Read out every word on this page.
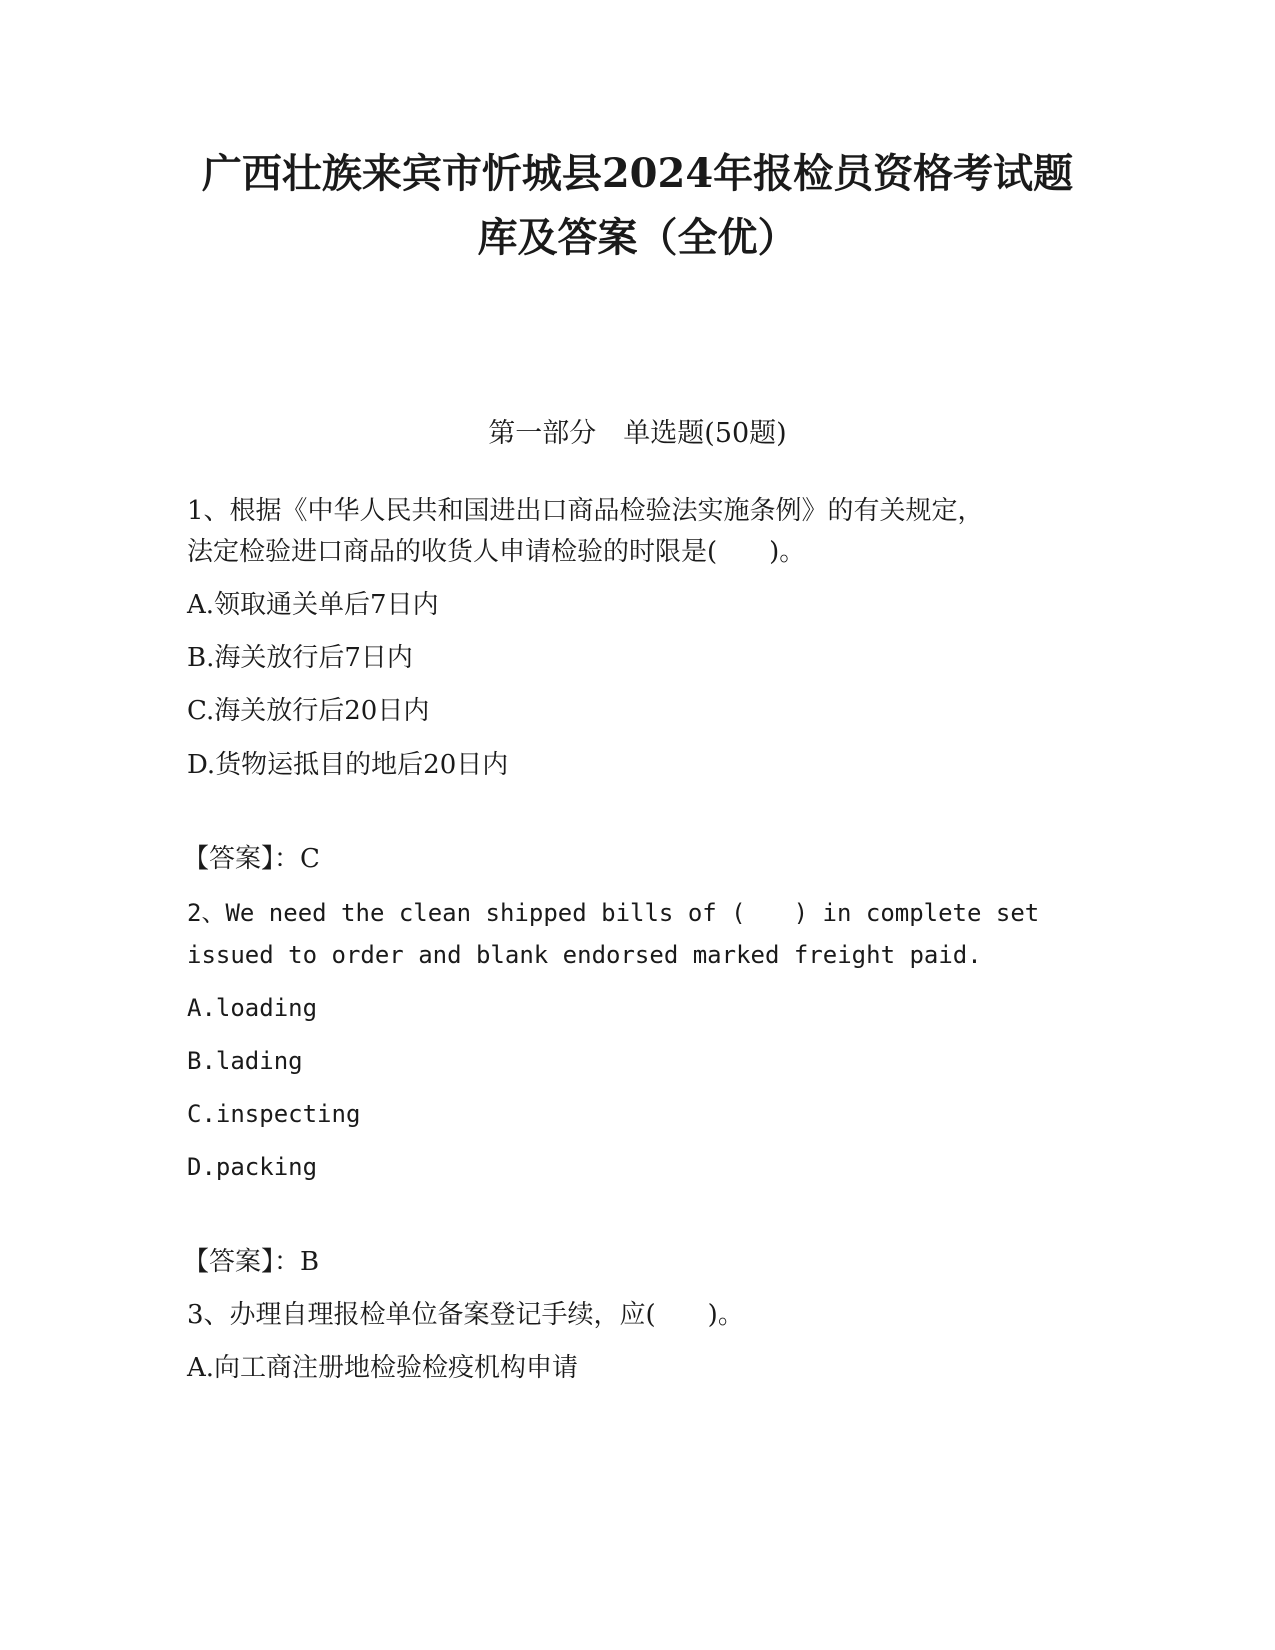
广西壮族来宾市忻城县2024年报检员资格考试题
库及答案（全优）
第一部分　单选题(50题)
1、根据《中华人民共和国进出口商品检验法实施条例》的有关规定，
法定检验进口商品的收货人申请检验的时限是(　　)。
A.领取通关单后7日内
B.海关放行后7日内
C.海关放行后20日内
D.货物运抵目的地后20日内
【答案】：C
2、We need the clean shipped bills of (　　) in complete set
issued to order and blank endorsed marked freight paid.
A.loading
B.lading
C.inspecting
D.packing
【答案】：B
3、办理自理报检单位备案登记手续，应(　　)。
A.向工商注册地检验检疫机构申请
